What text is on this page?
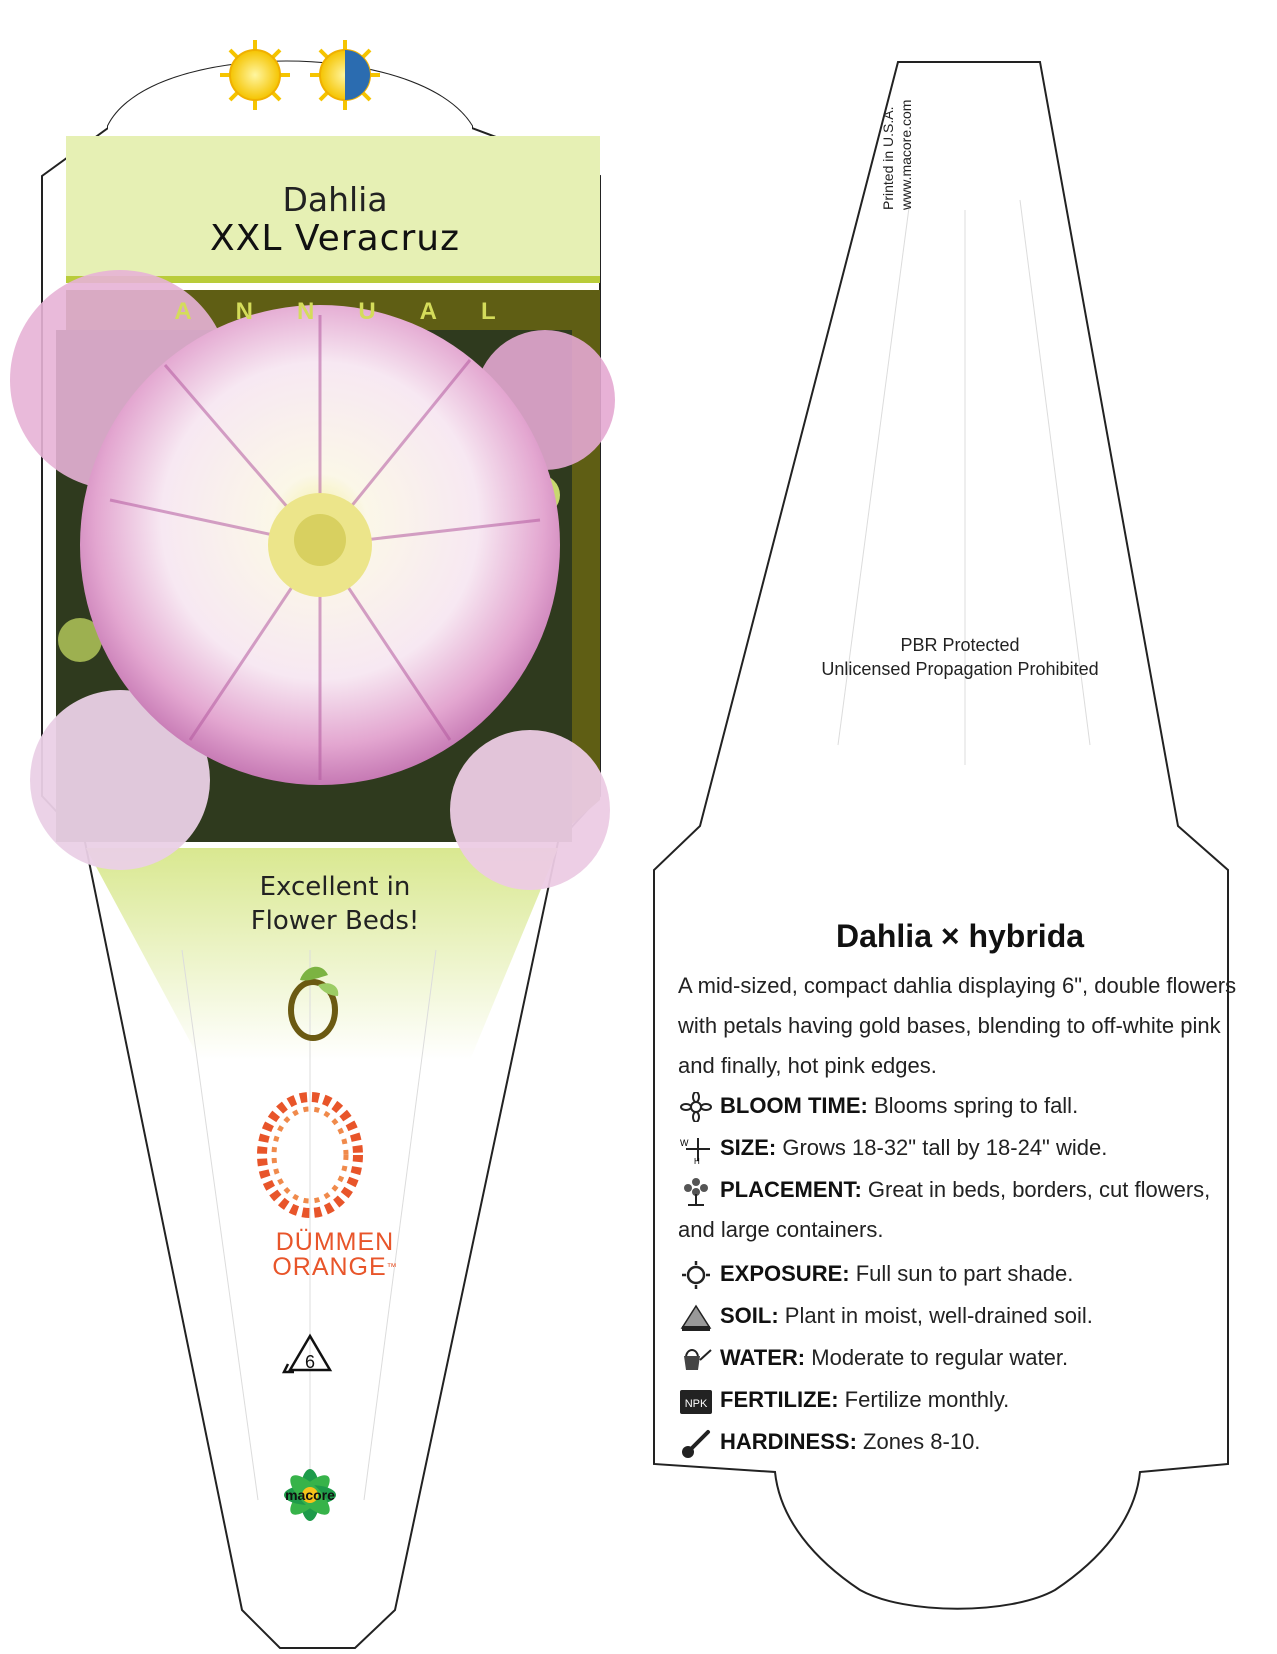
Dahlia
XXL Veracruz
ANNUAL
Excellent in
Flower Beds!
DÜMMEN
ORANGE™
6
macore
Printed in U.S.A. www.macore.com
PBR Protected
Unlicensed Propagation Prohibited
Dahlia × hybrida
A mid-sized, compact dahlia displaying 6", double flowers with petals having gold bases, blending to off-white pink and finally, hot pink edges.
BLOOM TIME: Blooms spring to fall.
W
H
SIZE: Grows 18-32" tall by 18-24" wide.
PLACEMENT: Great in beds, borders, cut flowers, and large containers.
EXPOSURE: Full sun to part shade.
SOIL: Plant in moist, well-drained soil.
WATER: Moderate to regular water.
NPK FERTILIZE: Fertilize monthly.
HARDINESS: Zones 8-10.
